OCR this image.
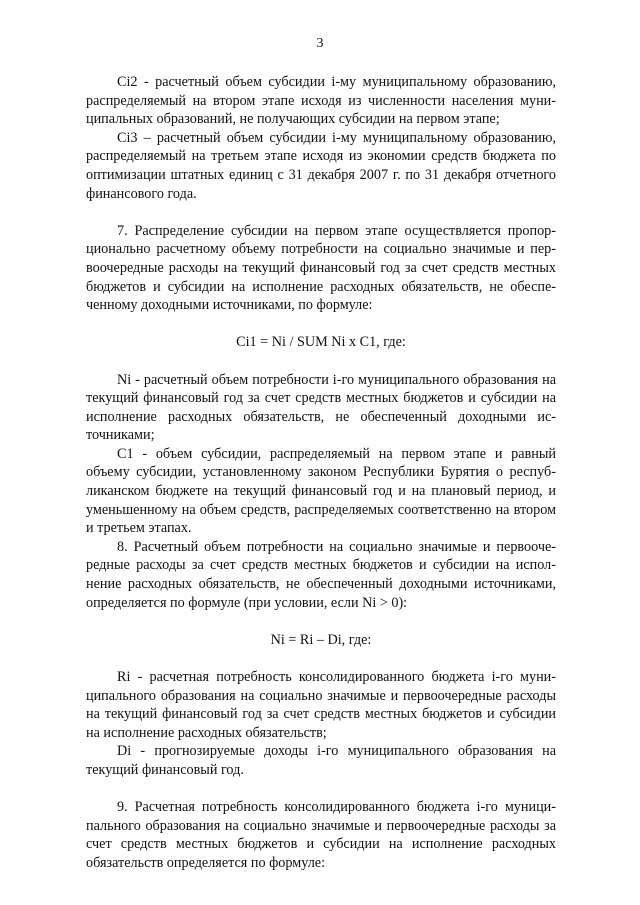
3

Ci2 - расчетный объем субсидии i-му муниципальному образованию, распределяемый на втором этапе исходя из численности населения муниципальных образований, не получающих субсидии на первом этапе;

Ci3 – расчетный объем субсидии i-му муниципальному образованию, распределяемый на третьем этапе исходя из экономии средств бюджета по оптимизации штатных единиц с 31 декабря 2007 г. по 31 декабря отчетного финансового года.

7. Распределение субсидии на первом этапе осуществляется пропорционально расчетному объему потребности на социально значимые и первоочередные расходы на текущий финансовый год за счет средств местных бюджетов и субсидии на исполнение расходных обязательств, не обеспеченному доходными источниками, по формуле:

Ci1 = Ni / SUM Ni x C1, где:

Ni - расчетный объем потребности i-го муниципального образования на текущий финансовый год за счет средств местных бюджетов и субсидии на исполнение расходных обязательств, не обеспеченный доходными источниками;

С1 - объем субсидии, распределяемый на первом этапе и равный объему субсидии, установленному законом Республики Бурятия о республиканском бюджете на текущий финансовый год и на плановый период, и уменьшенному на объем средств, распределяемых соответственно на втором и третьем этапах.

8. Расчетный объем потребности на социально значимые и первоочередные расходы за счет средств местных бюджетов и субсидии на исполнение расходных обязательств, не обеспеченный доходными источниками, определяется по формуле (при условии, если Ni > 0):

Ni = Ri – Di, где:

Ri - расчетная потребность консолидированного бюджета i-го муниципального образования на социально значимые и первоочередные расходы на текущий финансовый год за счет средств местных бюджетов и субсидии на исполнение расходных обязательств;

Di - прогнозируемые доходы i-го муниципального образования на текущий финансовый год.

9. Расчетная потребность консолидированного бюджета i-го муниципального образования на социально значимые и первоочередные расходы за счет средств местных бюджетов и субсидии на исполнение расходных обязательств определяется по формуле:
